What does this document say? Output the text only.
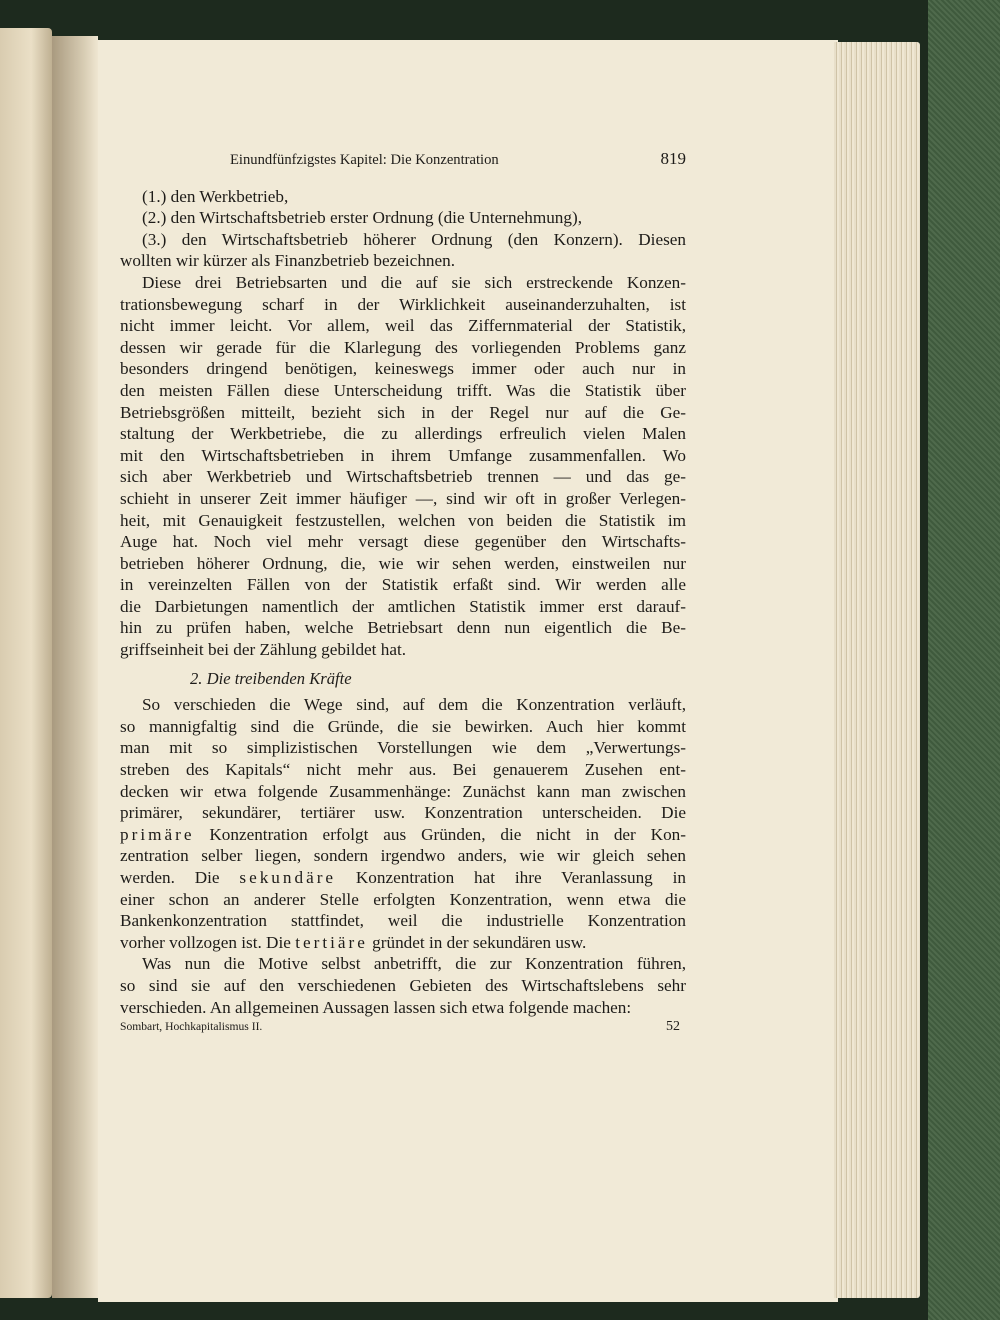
Einundfünfzigstes Kapitel: Die Konzentration	819
(1.) den Werkbetrieb,
(2.) den Wirtschaftsbetrieb erster Ordnung (die Unternehmung),
(3.) den Wirtschaftsbetrieb höherer Ordnung (den Konzern). Diesen
wollten wir kürzer als Finanzbetrieb bezeichnen.
Diese drei Betriebsarten und die auf sie sich erstreckende Konzen-
trationsbewegung scharf in der Wirklichkeit auseinanderzuhalten, ist
nicht immer leicht. Vor allem, weil das Ziffernmaterial der Statistik,
dessen wir gerade für die Klarlegung des vorliegenden Problems ganz
besonders dringend benötigen, keineswegs immer oder auch nur in
den meisten Fällen diese Unterscheidung trifft. Was die Statistik über
Betriebsgrößen mitteilt, bezieht sich in der Regel nur auf die Ge-
staltung der Werkbetriebe, die zu allerdings erfreulich vielen Malen
mit den Wirtschaftsbetrieben in ihrem Umfange zusammenfallen. Wo
sich aber Werkbetrieb und Wirtschaftsbetrieb trennen — und das ge-
schieht in unserer Zeit immer häufiger —, sind wir oft in großer Verlegen-
heit, mit Genauigkeit festzustellen, welchen von beiden die Statistik im
Auge hat. Noch viel mehr versagt diese gegenüber den Wirtschafts-
betrieben höherer Ordnung, die, wie wir sehen werden, einstweilen nur
in vereinzelten Fällen von der Statistik erfaßt sind. Wir werden alle
die Darbietungen namentlich der amtlichen Statistik immer erst darauf-
hin zu prüfen haben, welche Betriebsart denn nun eigentlich die Be-
griffseinheit bei der Zählung gebildet hat.
2. Die treibenden Kräfte
So verschieden die Wege sind, auf dem die Konzentration verläuft,
so mannigfaltig sind die Gründe, die sie bewirken. Auch hier kommt
man mit so simplizistischen Vorstellungen wie dem „Verwertungs-
streben des Kapitals“ nicht mehr aus. Bei genauerem Zusehen ent-
decken wir etwa folgende Zusammenhänge: Zunächst kann man zwischen
primärer, sekundärer, tertiärer usw. Konzentration unterscheiden. Die
primäre Konzentration erfolgt aus Gründen, die nicht in der Kon-
zentration selber liegen, sondern irgendwo anders, wie wir gleich sehen
werden. Die sekundäre Konzentration hat ihre Veranlassung in
einer schon an anderer Stelle erfolgten Konzentration, wenn etwa die
Bankenkonzentration stattfindet, weil die industrielle Konzentration
vorher vollzogen ist. Die tertiäre gründet in der sekundären usw.
Was nun die Motive selbst anbetrifft, die zur Konzentration führen,
so sind sie auf den verschiedenen Gebieten des Wirtschaftslebens sehr
verschieden. An allgemeinen Aussagen lassen sich etwa folgende machen:
Sombart, Hochkapitalismus II.	52
